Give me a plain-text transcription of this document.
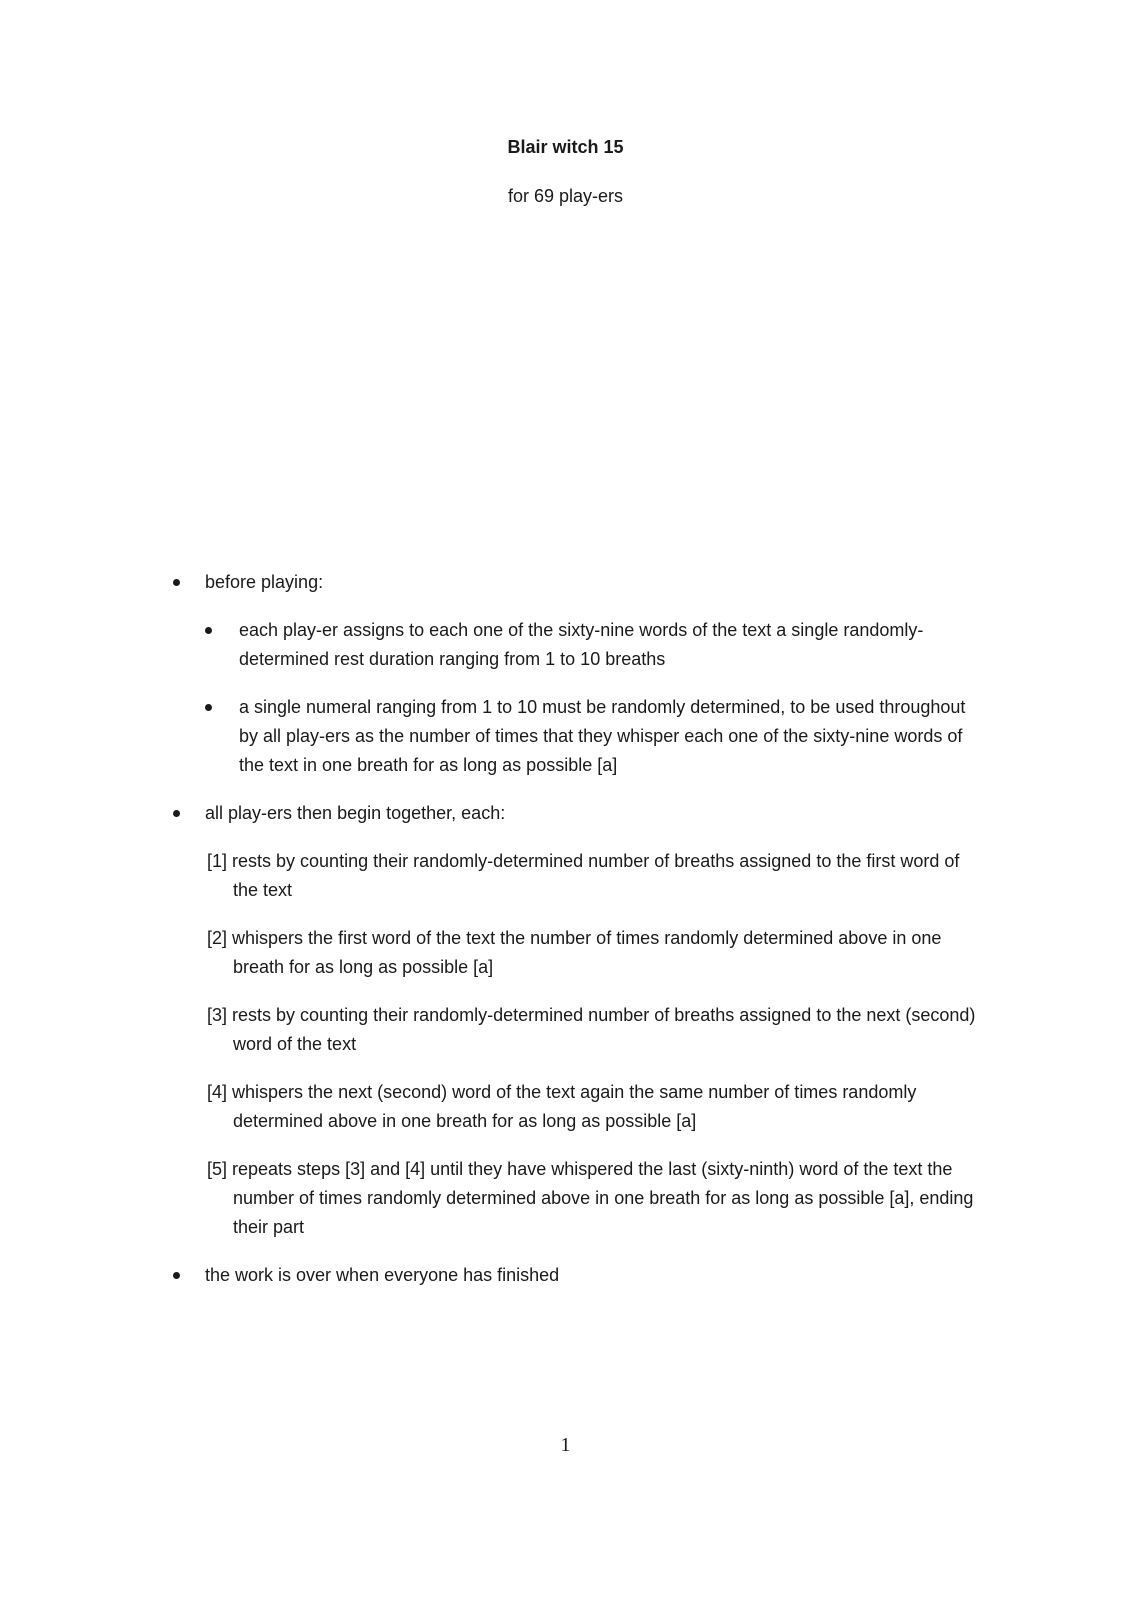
Blair witch 15
for 69 play-ers
before playing:
each play-er assigns to each one of the sixty-nine words of the text a single randomly-determined rest duration ranging from 1 to 10 breaths
a single numeral ranging from 1 to 10 must be randomly determined, to be used throughout by all play-ers as the number of times that they whisper each one of the sixty-nine words of the text in one breath for as long as possible [a]
all play-ers then begin together, each:
[1] rests by counting their randomly-determined number of breaths assigned to the first word of the text
[2] whispers the first word of the text the number of times randomly determined above in one breath for as long as possible [a]
[3] rests by counting their randomly-determined number of breaths assigned to the next (second) word of the text
[4] whispers the next (second) word of the text again the same number of times randomly determined above in one breath for as long as possible [a]
[5] repeats steps [3] and [4] until they have whispered the last (sixty-ninth) word of the text the number of times randomly determined above in one breath for as long as possible [a], ending their part
the work is over when everyone has finished
1
